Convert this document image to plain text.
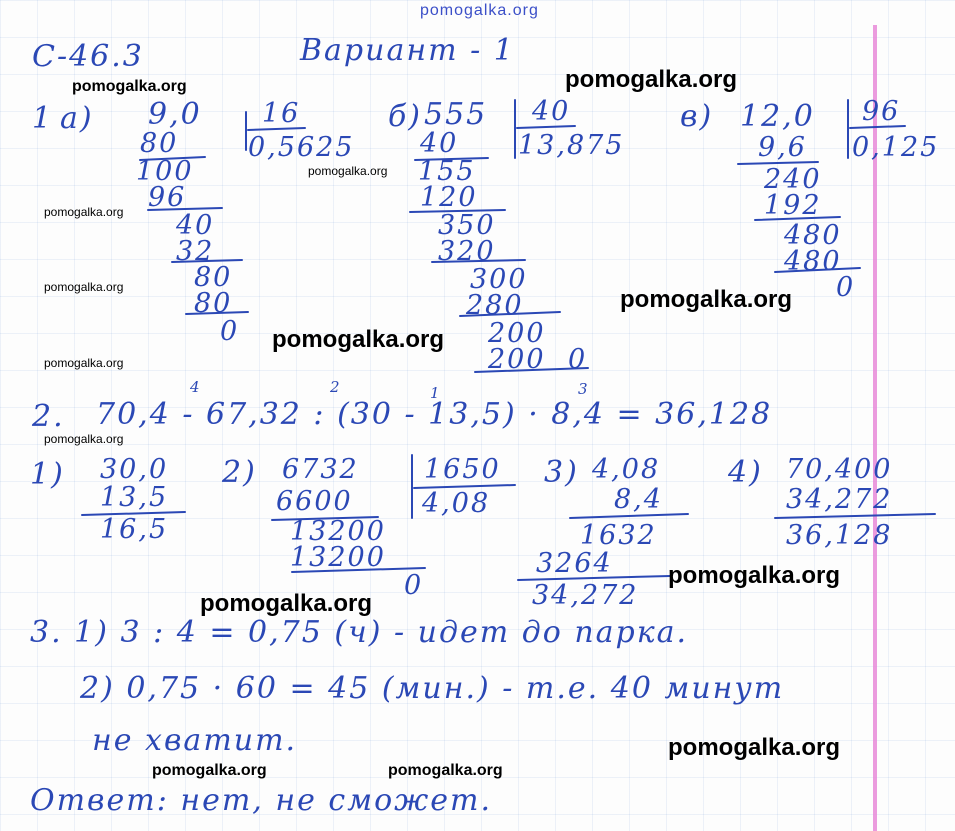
pomogalka.org
pomogalka.org	pomogalka.org
pomogalka.org
pomogalka.org
pomogalka.org	pomogalka.org
pomogalka.org
pomogalka.org
pomogalka.org
pomogalka.org
pomogalka.org
pomogalka.org
pomogalka.org	pomogalka.org
С-46.3	Вариант - 1
1 а) 9,0 16
0,5625
80
100
96
40
32
80
80
0
б) 555 40
13,875
40
155
120
350
320
300
280
200
200 0
в) 12,0 96
0,125
9,6
240
192
480
480
0
4	2	1	3
2. 70,4 - 67,32 : (30 - 13,5) · 8,4 = 36,128
1) 30,0
13,5
16,5
2) 6732 1650
4,08
6600
13200
13200
0
3) 4,08
8,4
1632
3264
34,272
4) 70,400
34,272
36,128
3. 1) 3 : 4 = 0,75 (ч) - идет до парка.
2) 0,75 · 60 = 45 (мин.) - т.е. 40 минут
не хватит.
Ответ: нет, не сможет.
